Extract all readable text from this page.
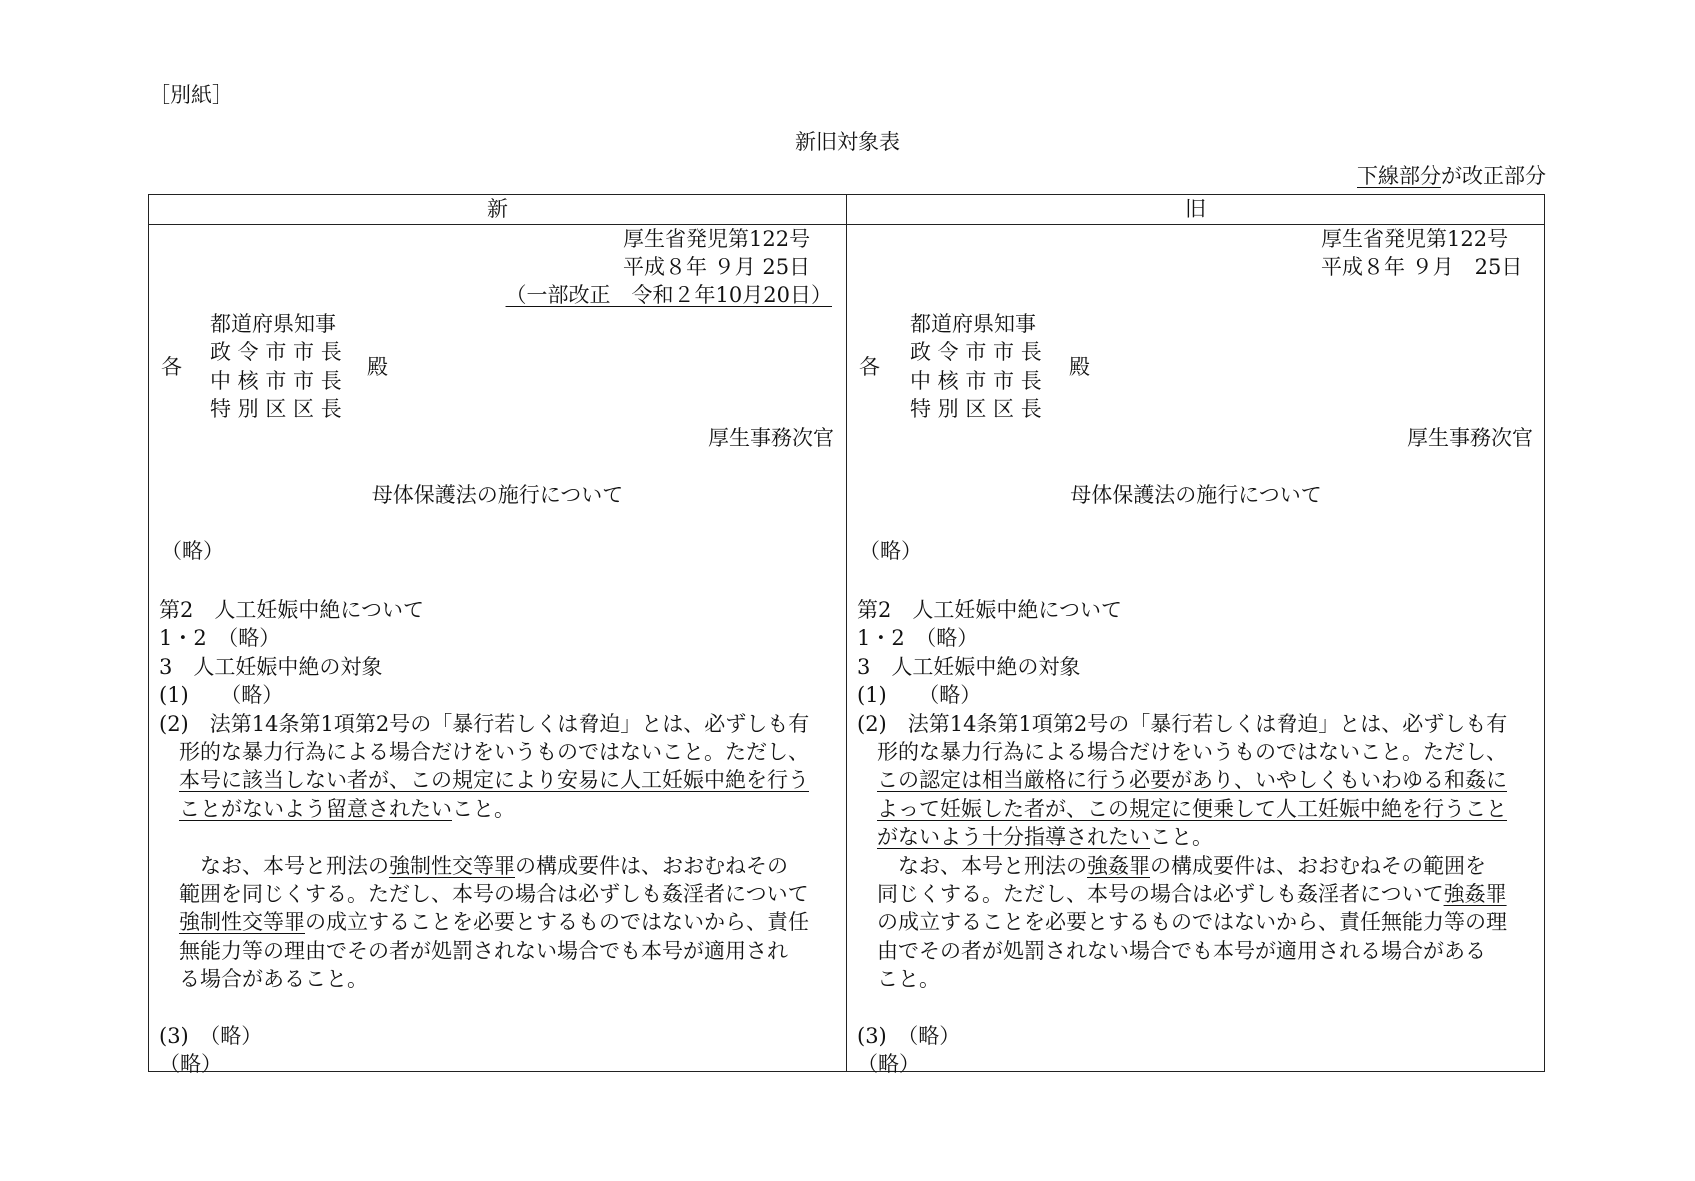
［別紙］
新旧対象表
下線部分が改正部分
新	旧
厚生省発児第122号
平成８年 ９月 25日
（一部改正　令和２年10月20日）
各
都道府県知事
政 令 市 市 長
中 核 市 市 長
特 別 区 区 長
殿
厚生事務次官
母体保護法の施行について
（略）
第2　人工妊娠中絶について
1・2　（略）
3　人工妊娠中絶の対象
(1)　　（略）
(2)　法第14条第1項第2号の「暴行若しくは脅迫」とは、必ずしも有
形的な暴力行為による場合だけをいうものではないこと。ただし、
本号に該当しない者が、この規定により安易に人工妊娠中絶を行う
ことがないよう留意されたいこと。
　なお、本号と刑法の強制性交等罪の構成要件は、おおむねその
範囲を同じくする。ただし、本号の場合は必ずしも姦淫者について
強制性交等罪の成立することを必要とするものではないから、責任
無能力等の理由でその者が処罰されない場合でも本号が適用され
る場合があること。
(3)　（略）
（略）
厚生省発児第122号
平成８年 ９月　25日
各
都道府県知事
政 令 市 市 長
中 核 市 市 長
特 別 区 区 長
殿
厚生事務次官
母体保護法の施行について
（略）
第2　人工妊娠中絶について
1・2　（略）
3　人工妊娠中絶の対象
(1)　　（略）
(2)　法第14条第1項第2号の「暴行若しくは脅迫」とは、必ずしも有
形的な暴力行為による場合だけをいうものではないこと。ただし、
この認定は相当厳格に行う必要があり、いやしくもいわゆる和姦に
よって妊娠した者が、この規定に便乗して人工妊娠中絶を行うこと
がないよう十分指導されたいこと。
　なお、本号と刑法の強姦罪の構成要件は、おおむねその範囲を
同じくする。ただし、本号の場合は必ずしも姦淫者について強姦罪
の成立することを必要とするものではないから、責任無能力等の理
由でその者が処罰されない場合でも本号が適用される場合がある
こと。
(3)　（略）
（略）
